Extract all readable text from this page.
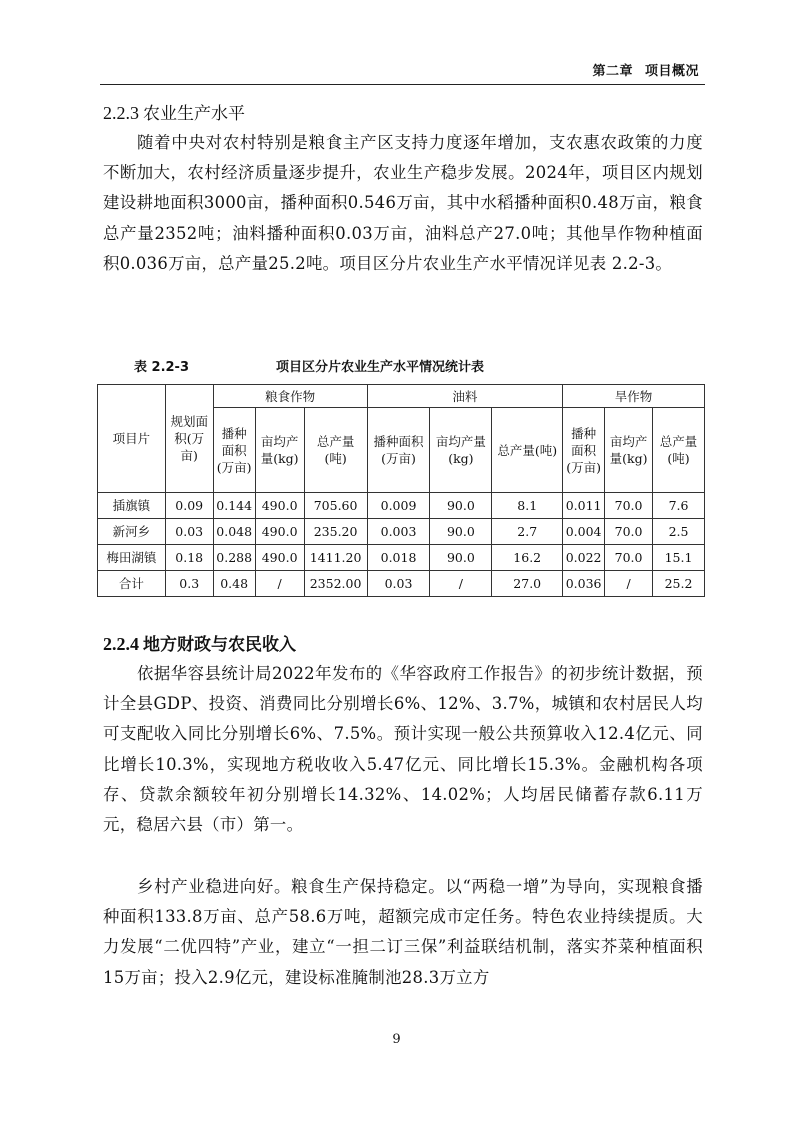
第二章 项目概况
2.2.3 农业生产水平
随着中央对农村特别是粮食主产区支持力度逐年增加，支农惠农政策的力度不断加大，农村经济质量逐步提升，农业生产稳步发展。2024年，项目区内规划建设耕地面积3000亩，播种面积0.546万亩，其中水稻播种面积0.48万亩，粮食总产量2352吨；油料播种面积0.03万亩，油料总产27.0吨；其他旱作物种植面积0.036万亩，总产量25.2吨。项目区分片农业生产水平情况详见表 2.2-3。
表 2.2-3	项目区分片农业生产水平情况统计表
项目片	规划面积(万亩)	粮食作物			油料			旱作物		
		播种面积(万亩)	亩均产量(kg)	总产量(吨)	播种面积(万亩)	亩均产量(kg)	总产量(吨)	播种面积(万亩)	亩均产量(kg)	总产量(吨)
插旗镇	0.09	0.144	490.0	705.60	0.009	90.0	8.1	0.011	70.0	7.6
新河乡	0.03	0.048	490.0	235.20	0.003	90.0	2.7	0.004	70.0	2.5
梅田湖镇	0.18	0.288	490.0	1411.20	0.018	90.0	16.2	0.022	70.0	15.1
合计	0.3	0.48	/	2352.00	0.03	/	27.0	0.036	/	25.2
2.2.4 地方财政与农民收入
依据华容县统计局2022年发布的《华容政府工作报告》的初步统计数据，预计全县GDP、投资、消费同比分别增长6%、12%、3.7%，城镇和农村居民人均可支配收入同比分别增长6%、7.5%。预计实现一般公共预算收入12.4亿元、同比增长10.3%，实现地方税收收入5.47亿元、同比增长15.3%。金融机构各项存、贷款余额较年初分别增长14.32%、14.02%；人均居民储蓄存款6.11万元，稳居六县（市）第一。
乡村产业稳进向好。粮食生产保持稳定。以“两稳一增”为导向，实现粮食播种面积133.8万亩、总产58.6万吨，超额完成市定任务。特色农业持续提质。大力发展“二优四特”产业，建立“一担二订三保”利益联结机制，落实芥菜种植面积15万亩；投入2.9亿元，建设标准腌制池28.3万立方
9
